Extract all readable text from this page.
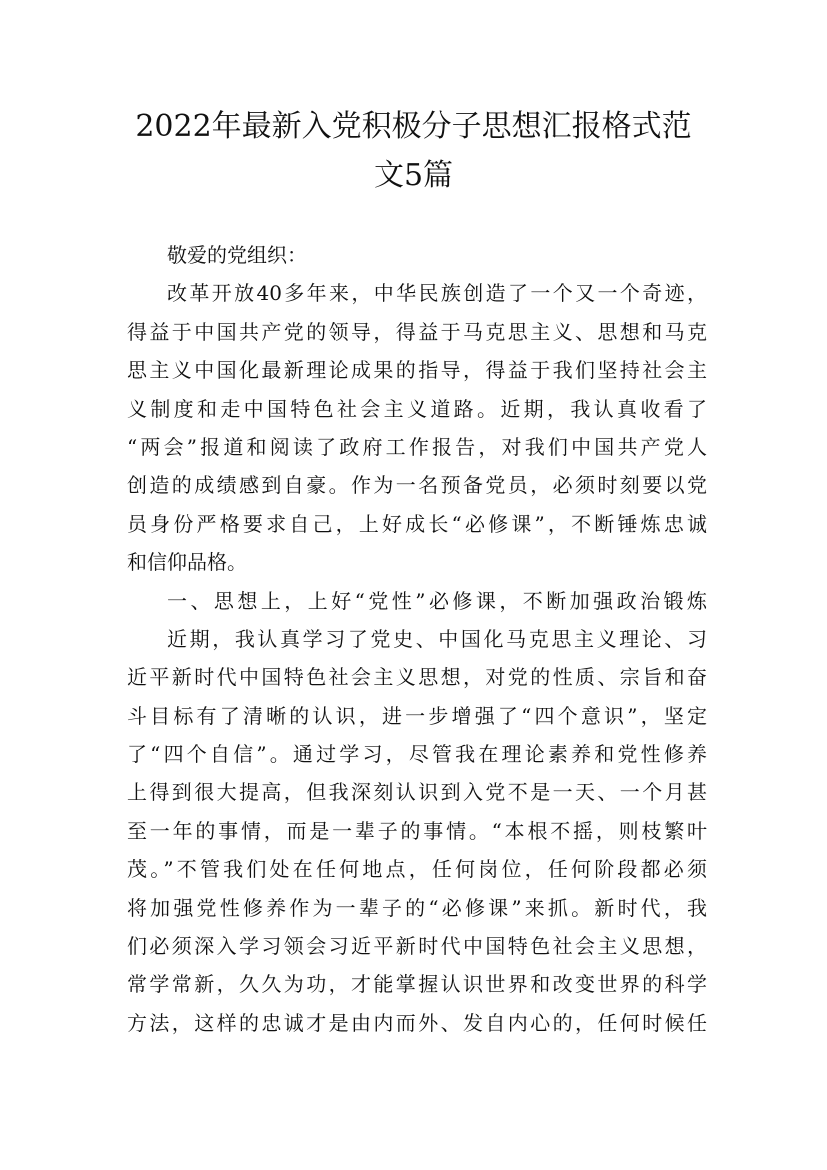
2022年最新入党积极分子思想汇报格式范
文5篇
敬爱的党组织：
改革开放40多年来，中华民族创造了一个又一个奇迹，
得益于中国共产党的领导，得益于马克思主义、思想和马克
思主义中国化最新理论成果的指导，得益于我们坚持社会主
义制度和走中国特色社会主义道路。近期，我认真收看了
“两会”报道和阅读了政府工作报告，对我们中国共产党人
创造的成绩感到自豪。作为一名预备党员，必须时刻要以党
员身份严格要求自己，上好成长“必修课”，不断锤炼忠诚
和信仰品格。
一、思想上，上好“党性”必修课，不断加强政治锻炼
近期，我认真学习了党史、中国化马克思主义理论、习
近平新时代中国特色社会主义思想，对党的性质、宗旨和奋
斗目标有了清晰的认识，进一步增强了“四个意识”，坚定
了“四个自信”。通过学习，尽管我在理论素养和党性修养
上得到很大提高，但我深刻认识到入党不是一天、一个月甚
至一年的事情，而是一辈子的事情。“本根不摇，则枝繁叶
茂。”不管我们处在任何地点，任何岗位，任何阶段都必须
将加强党性修养作为一辈子的“必修课”来抓。新时代，我
们必须深入学习领会习近平新时代中国特色社会主义思想，
常学常新，久久为功，才能掌握认识世界和改变世界的科学
方法，这样的忠诚才是由内而外、发自内心的，任何时候任
